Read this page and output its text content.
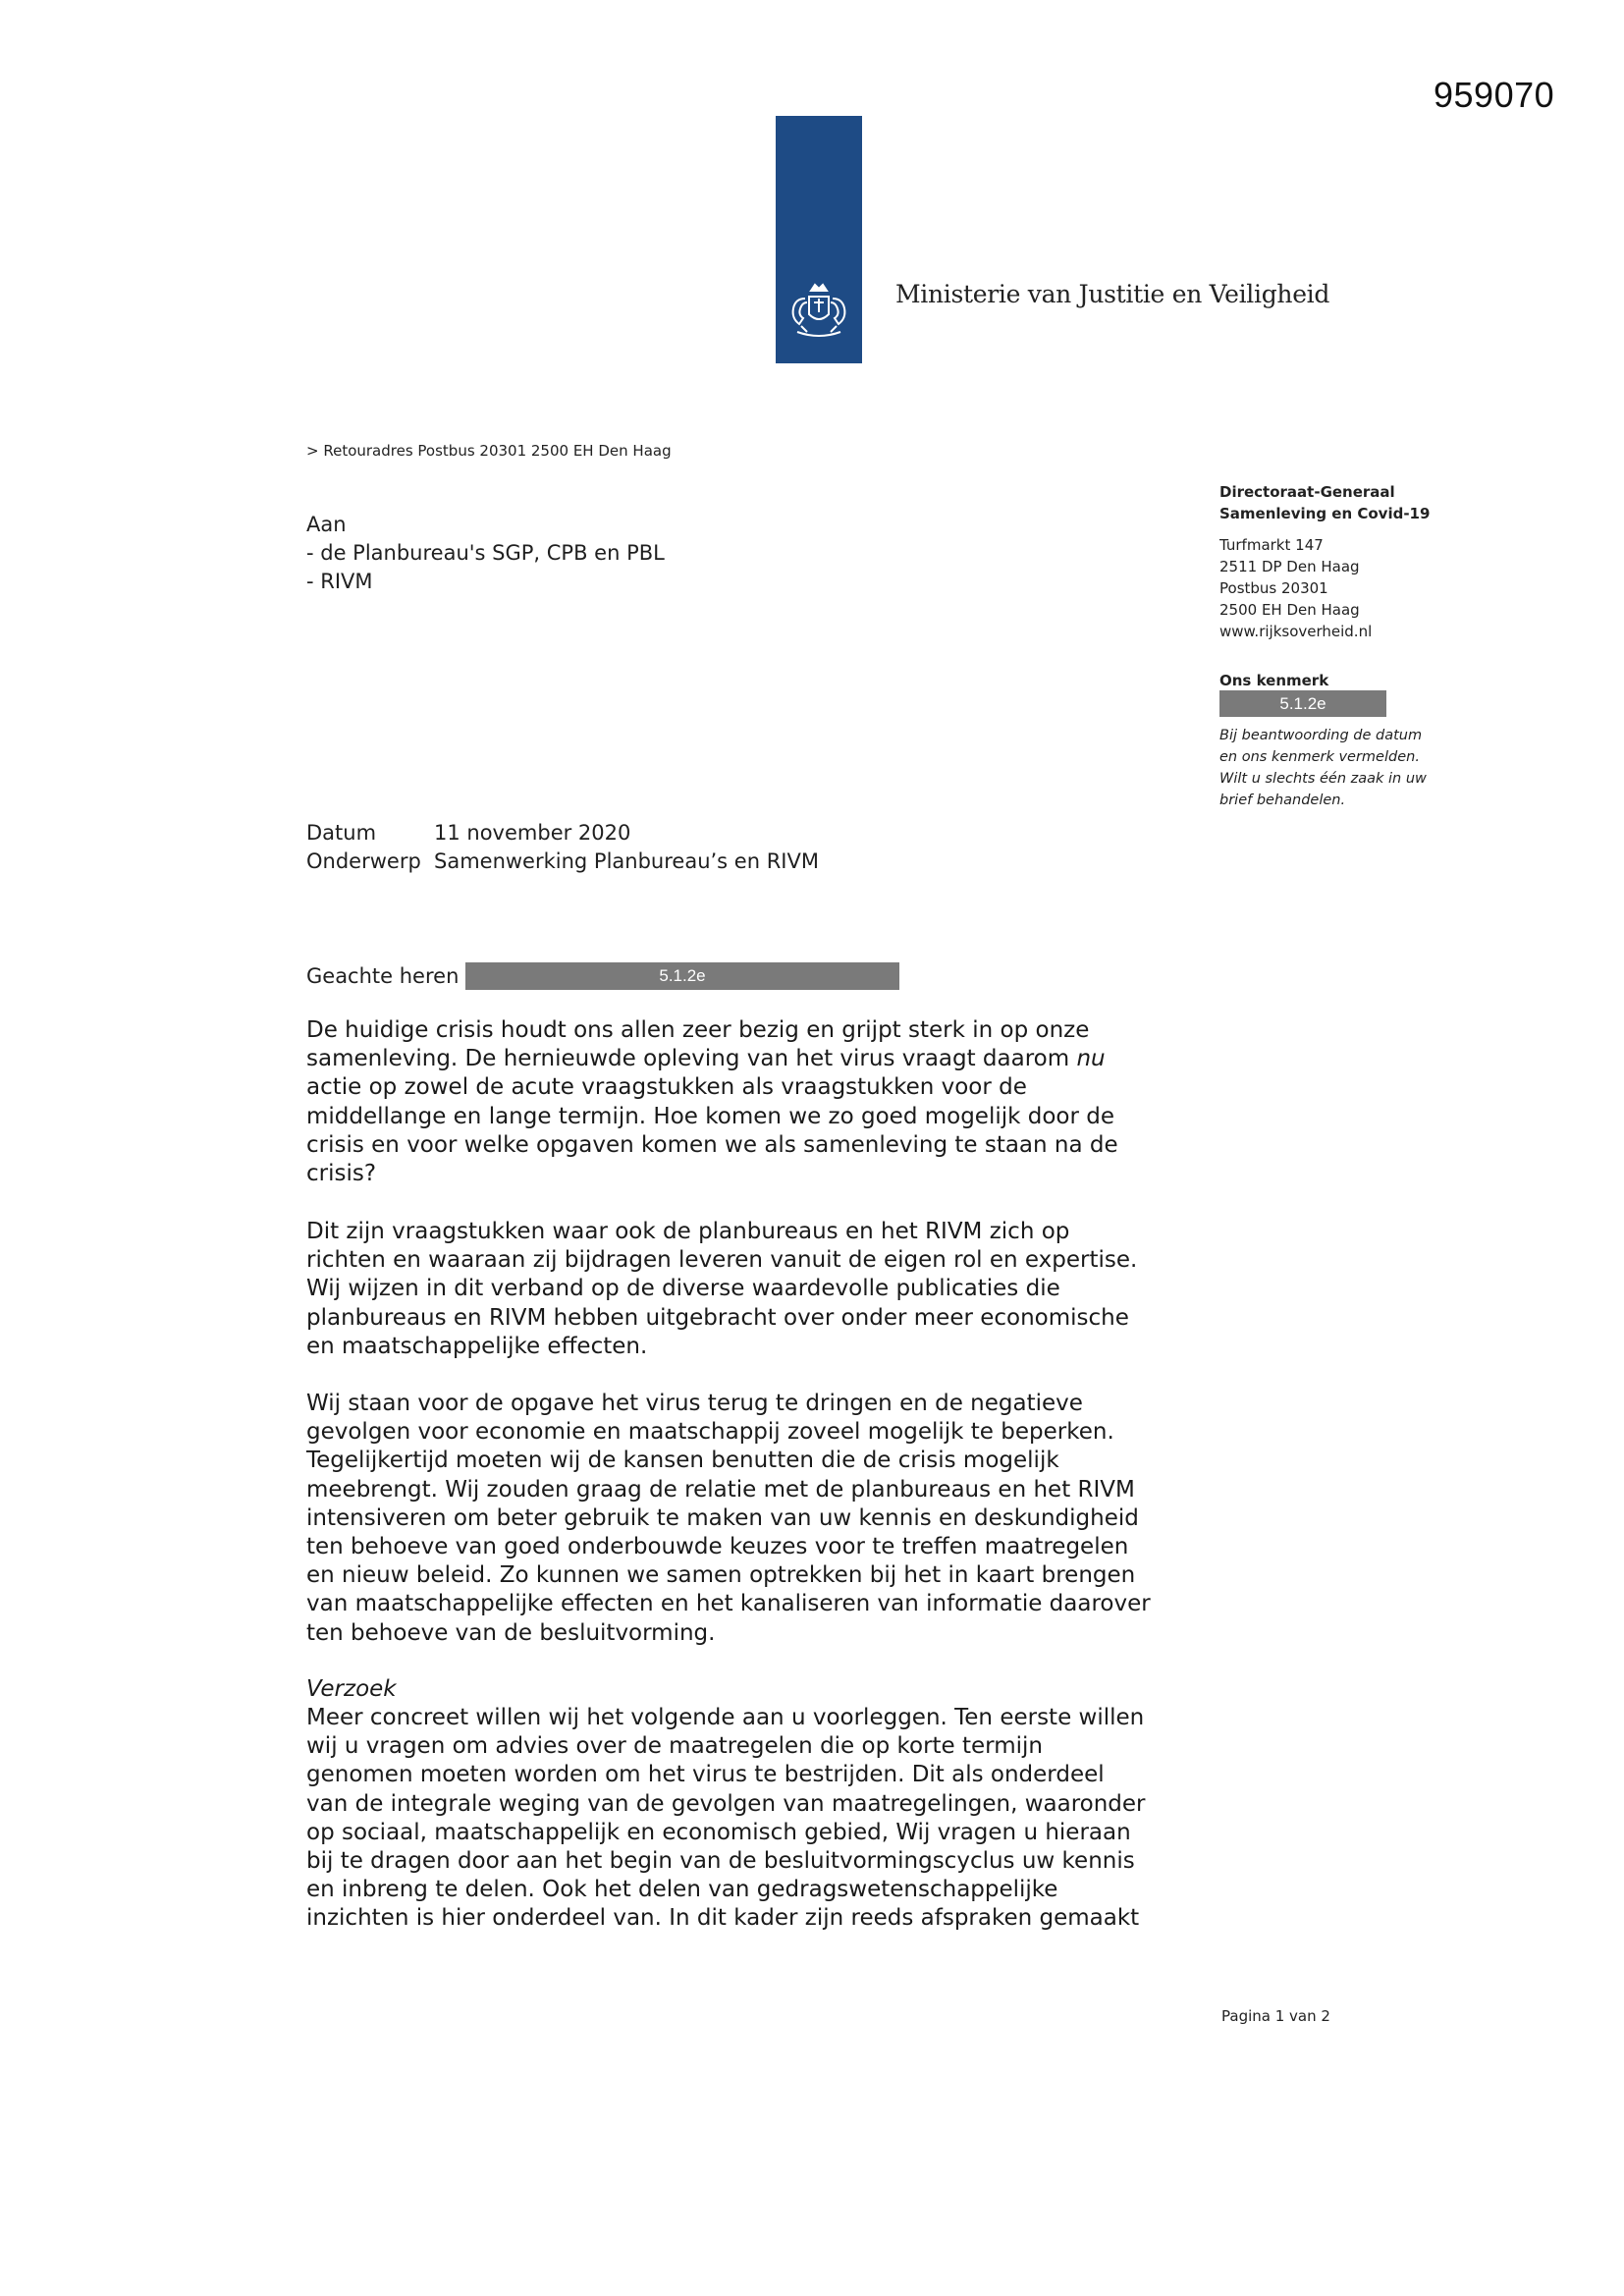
959070
Ministerie van Justitie en Veiligheid
> Retouradres Postbus 20301 2500 EH Den Haag
Aan
- de Planbureau's SGP, CPB en PBL
- RIVM
Directoraat-Generaal
Samenleving en Covid-19
Turfmarkt 147
2511 DP Den Haag
Postbus 20301
2500 EH Den Haag
www.rijksoverheid.nl
Ons kenmerk
5.1.2e
Bij beantwoording de datum
en ons kenmerk vermelden.
Wilt u slechts één zaak in uw
brief behandelen.
Datum	11 november 2020
Onderwerp Samenwerking Planbureau’s en RIVM
Geachte heren	5.1.2e
De huidige crisis houdt ons allen zeer bezig en grijpt sterk in op onze
samenleving. De hernieuwde opleving van het virus vraagt daarom nu
actie op zowel de acute vraagstukken als vraagstukken voor de
middellange en lange termijn. Hoe komen we zo goed mogelijk door de
crisis en voor welke opgaven komen we als samenleving te staan na de
crisis?
Dit zijn vraagstukken waar ook de planbureaus en het RIVM zich op
richten en waaraan zij bijdragen leveren vanuit de eigen rol en expertise.
Wij wijzen in dit verband op de diverse waardevolle publicaties die
planbureaus en RIVM hebben uitgebracht over onder meer economische
en maatschappelijke effecten.
Wij staan voor de opgave het virus terug te dringen en de negatieve
gevolgen voor economie en maatschappij zoveel mogelijk te beperken.
Tegelijkertijd moeten wij de kansen benutten die de crisis mogelijk
meebrengt. Wij zouden graag de relatie met de planbureaus en het RIVM
intensiveren om beter gebruik te maken van uw kennis en deskundigheid
ten behoeve van goed onderbouwde keuzes voor te treffen maatregelen
en nieuw beleid. Zo kunnen we samen optrekken bij het in kaart brengen
van maatschappelijke effecten en het kanaliseren van informatie daarover
ten behoeve van de besluitvorming.
Verzoek
Meer concreet willen wij het volgende aan u voorleggen. Ten eerste willen
wij u vragen om advies over de maatregelen die op korte termijn
genomen moeten worden om het virus te bestrijden. Dit als onderdeel
van de integrale weging van de gevolgen van maatregelingen, waaronder
op sociaal, maatschappelijk en economisch gebied, Wij vragen u hieraan
bij te dragen door aan het begin van de besluitvormingscyclus uw kennis
en inbreng te delen. Ook het delen van gedragswetenschappelijke
inzichten is hier onderdeel van. In dit kader zijn reeds afspraken gemaakt
Pagina 1 van 2
